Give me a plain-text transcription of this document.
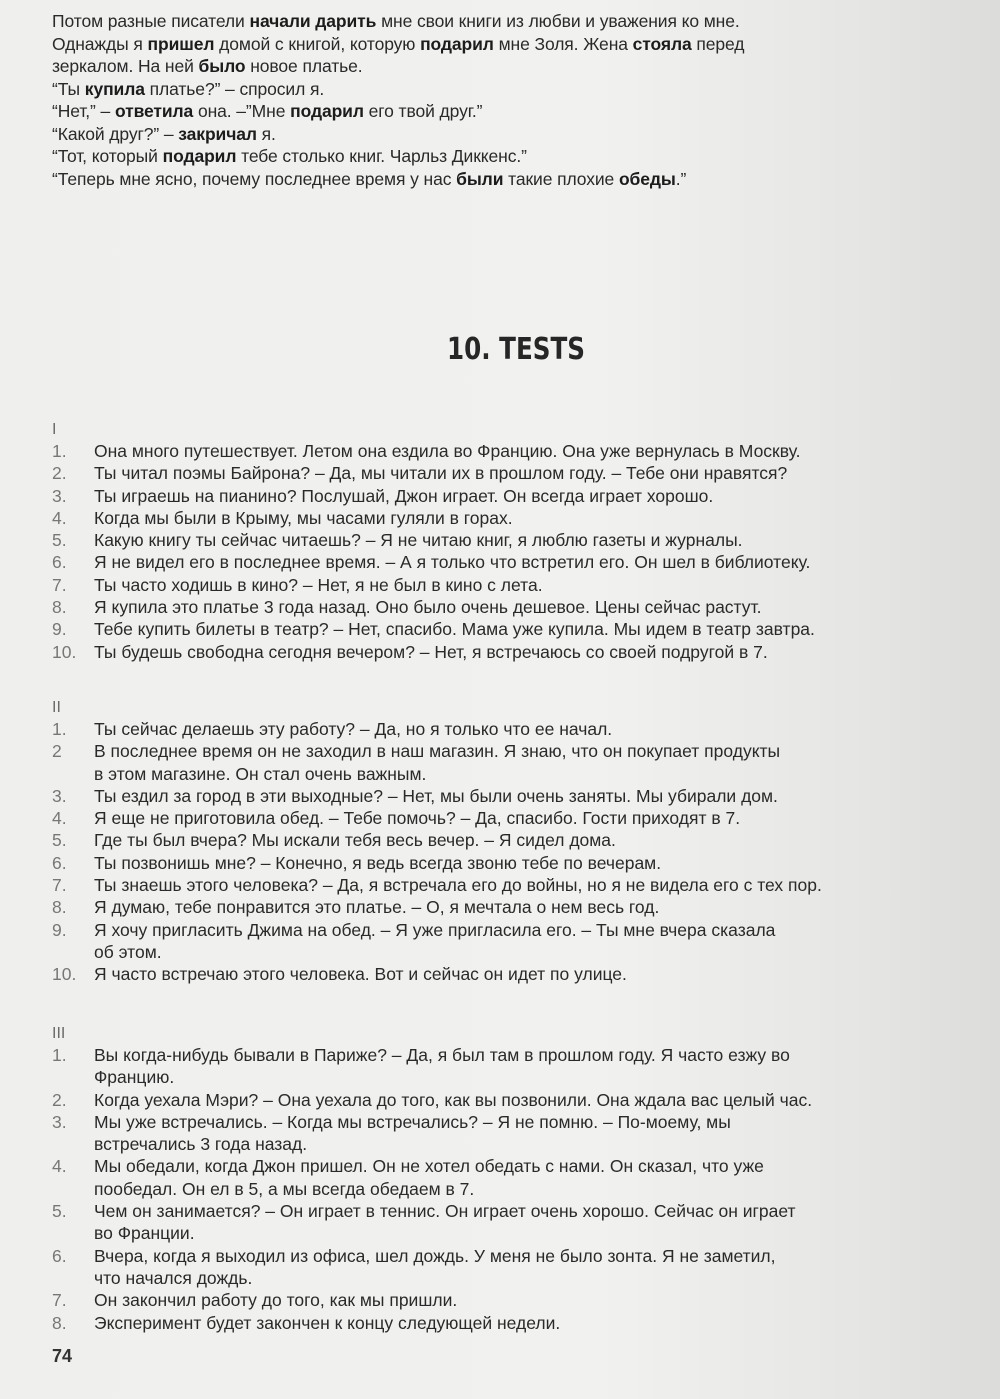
Потом разные писатели начали дарить мне свои книги из любви и уважения ко мне.

Однажды я пришел домой с книгой, которую подарил мне Золя. Жена стояла перед

зеркалом. На ней было новое платье.

“Ты купила платье?” – спросил я.

“Нет,” – ответила она. –”Мне подарил его твой друг.”

“Какой друг?” – закричал я.

“Тот, который подарил тебе столько книг. Чарльз Диккенс.”

“Теперь мне ясно, почему последнее время у нас были такие плохие обеды.”

10. TESTS
I
1.	Она много путешествует. Летом она ездила во Францию. Она уже вернулась в Москву.
2.	Ты читал поэмы Байрона? – Да, мы читали их в прошлом году. – Тебе они нравятся?
3.	Ты играешь на пианино? Послушай, Джон играет. Он всегда играет хорошо.
4.	Когда мы были в Крыму, мы часами гуляли в горах.
5.	Какую книгу ты сейчас читаешь? – Я не читаю книг, я люблю газеты и журналы.
6.	Я не видел его в последнее время. – А я только что встретил его. Он шел в библиотеку.
7.	Ты часто ходишь в кино? – Нет, я не был в кино с лета.
8.	Я купила это платье 3 года назад. Оно было очень дешевое. Цены сейчас растут.
9.	Тебе купить билеты в театр? – Нет, спасибо. Мама уже купила. Мы идем в театр завтра.
10.	Ты будешь свободна сегодня вечером? – Нет, я встречаюсь со своей подругой в 7.
II
1.	Ты сейчас делаешь эту работу? – Да, но я только что ее начал.
2	В последнее время он не заходил в наш магазин. Я знаю, что он покупает продукты
в этом магазине. Он стал очень важным.
3.	Ты ездил за город в эти выходные? – Нет, мы были очень заняты. Мы убирали дом.
4.	Я еще не приготовила обед. – Тебе помочь? – Да, спасибо. Гости приходят в 7.
5.	Где ты был вчера? Мы искали тебя весь вечер. – Я сидел дома.
6.	Ты позвонишь мне? – Конечно, я ведь всегда звоню тебе по вечерам.
7.	Ты знаешь этого человека? – Да, я встречала его до войны, но я не видела его с тех пор.
8.	Я думаю, тебе понравится это платье. – О, я мечтала о нем весь год.
9.	Я хочу пригласить Джима на обед. – Я уже пригласила его. – Ты мне вчера сказала
об этом.
10.	Я часто встречаю этого человека. Вот и сейчас он идет по улице.
III
1.	Вы когда-нибудь бывали в Париже? – Да, я был там в прошлом году. Я часто езжу во
Францию.
2.	Когда уехала Мэри? – Она уехала до того, как вы позвонили. Она ждала вас целый час.
3.	Мы уже встречались. – Когда мы встречались? – Я не помню. – По-моему, мы
встречались 3 года назад.
4.	Мы обедали, когда Джон пришел. Он не хотел обедать с нами. Он сказал, что уже
пообедал. Он ел в 5, а мы всегда обедаем в 7.
5.	Чем он занимается? – Он играет в теннис. Он играет очень хорошо. Сейчас он играет
во Франции.
6.	Вчера, когда я выходил из офиса, шел дождь. У меня не было зонта. Я не заметил,
что начался дождь.
7.	Он закончил работу до того, как мы пришли.
8.	Эксперимент будет закончен к концу следующей недели.
74
